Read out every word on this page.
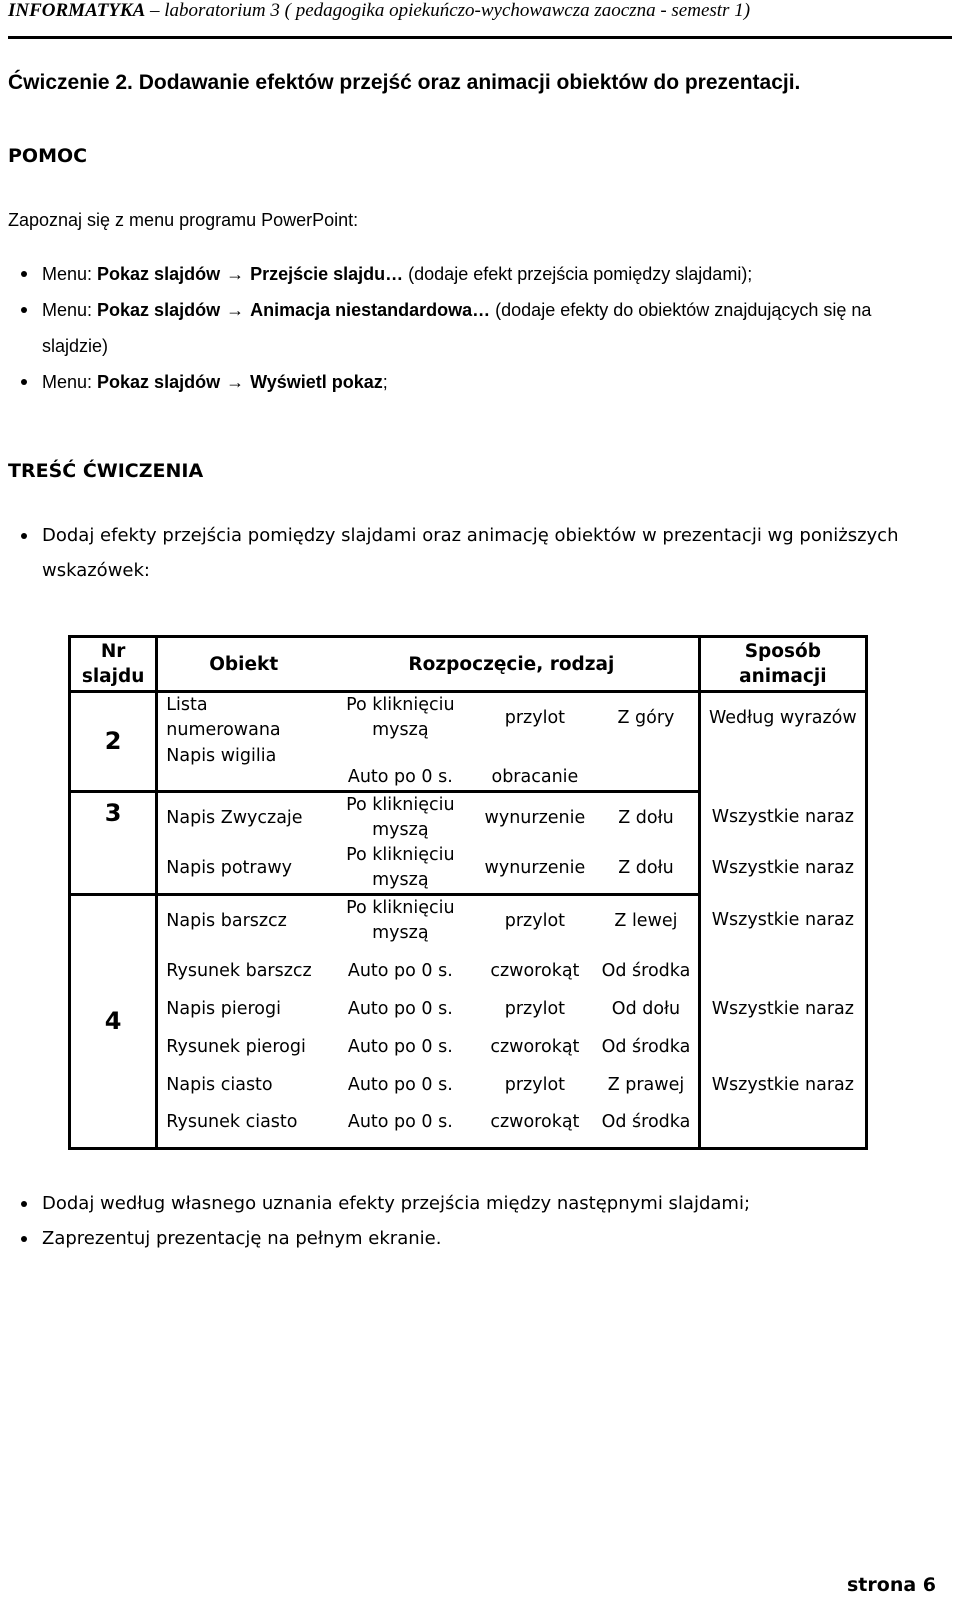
INFORMATYKA – laboratorium 3 ( pedagogika opiekuńczo-wychowawcza zaoczna - semestr 1)
Ćwiczenie 2. Dodawanie efektów przejść oraz animacji obiektów do prezentacji.
POMOC
Zapoznaj się z menu programu PowerPoint:
Menu: Pokaz slajdów → Przejście slajdu… (dodaje efekt przejścia pomiędzy slajdami);
Menu: Pokaz slajdów → Animacja niestandardowa… (dodaje efekty do obiektów znajdujących się na slajdzie)
Menu: Pokaz slajdów → Wyświetl pokaz;
TREŚĆ ĆWICZENIA
Dodaj efekty przejścia pomiędzy slajdami oraz animację obiektów w prezentacji wg poniższych wskazówek:
Nr slajdu	Obiekt	Rozpoczęcie, rodzaj			Sposób animacji
2	Lista numerowana	Po kliknięciu myszą	przylot	Z góry	Według wyrazów
	Napis wigilia	Auto po 0 s.	obracanie		
3	Napis Zwyczaje	Po kliknięciu myszą	wynurzenie	Z dołu	Wszystkie naraz
	Napis potrawy	Po kliknięciu myszą	wynurzenie	Z dołu	Wszystkie naraz
4	Napis barszcz	Po kliknięciu myszą	przylot	Z lewej	Wszystkie naraz
	Rysunek barszcz	Auto po 0 s.	czworokąt	Od środka	
	Napis pierogi	Auto po 0 s.	przylot	Od dołu	Wszystkie naraz
	Rysunek pierogi	Auto po 0 s.	czworokąt	Od środka	
	Napis ciasto	Auto po 0 s.	przylot	Z prawej	Wszystkie naraz
	Rysunek ciasto	Auto po 0 s.	czworokąt	Od środka	
Dodaj według własnego uznania efekty przejścia między następnymi slajdami;
Zaprezentuj prezentację na pełnym ekranie.
strona 6
